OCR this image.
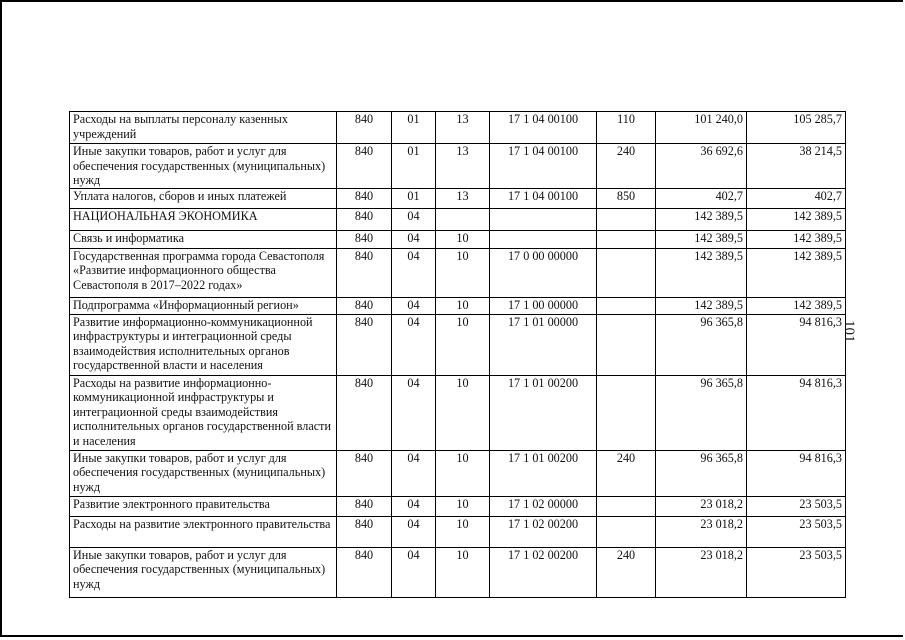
Расходы на выплаты персоналу казенных учреждений	840	01	13	17 1 04 00100	110	101 240,0	105 285,7
Иные закупки товаров, работ и услуг для обеспечения государственных (муниципальных) нужд	840	01	13	17 1 04 00100	240	36 692,6	38 214,5
Уплата налогов, сборов и иных платежей	840	01	13	17 1 04 00100	850	402,7	402,7
НАЦИОНАЛЬНАЯ ЭКОНОМИКА	840	04				142 389,5	142 389,5
Связь и информатика	840	04	10			142 389,5	142 389,5
Государственная программа города Севастополя «Развитие информационного общества Севастополя в 2017–2022 годах»	840	04	10	17 0 00 00000		142 389,5	142 389,5
Подпрограмма «Информационный регион»	840	04	10	17 1 00 00000		142 389,5	142 389,5
Развитие информационно-коммуникационной инфраструктуры и интеграционной среды взаимодействия исполнительных органов государственной власти и населения	840	04	10	17 1 01 00000		96 365,8	94 816,3
Расходы на развитие информационно-коммуникационной инфраструктуры и интеграционной среды взаимодействия исполнительных органов государственной власти и населения	840	04	10	17 1 01 00200		96 365,8	94 816,3
Иные закупки товаров, работ и услуг для обеспечения государственных (муниципальных) нужд	840	04	10	17 1 01 00200	240	96 365,8	94 816,3
Развитие электронного правительства	840	04	10	17 1 02 00000		23 018,2	23 503,5
Расходы на развитие электронного правительства	840	04	10	17 1 02 00200		23 018,2	23 503,5
Иные закупки товаров, работ и услуг для обеспечения государственных (муниципальных) нужд	840	04	10	17 1 02 00200	240	23 018,2	23 503,5
101
